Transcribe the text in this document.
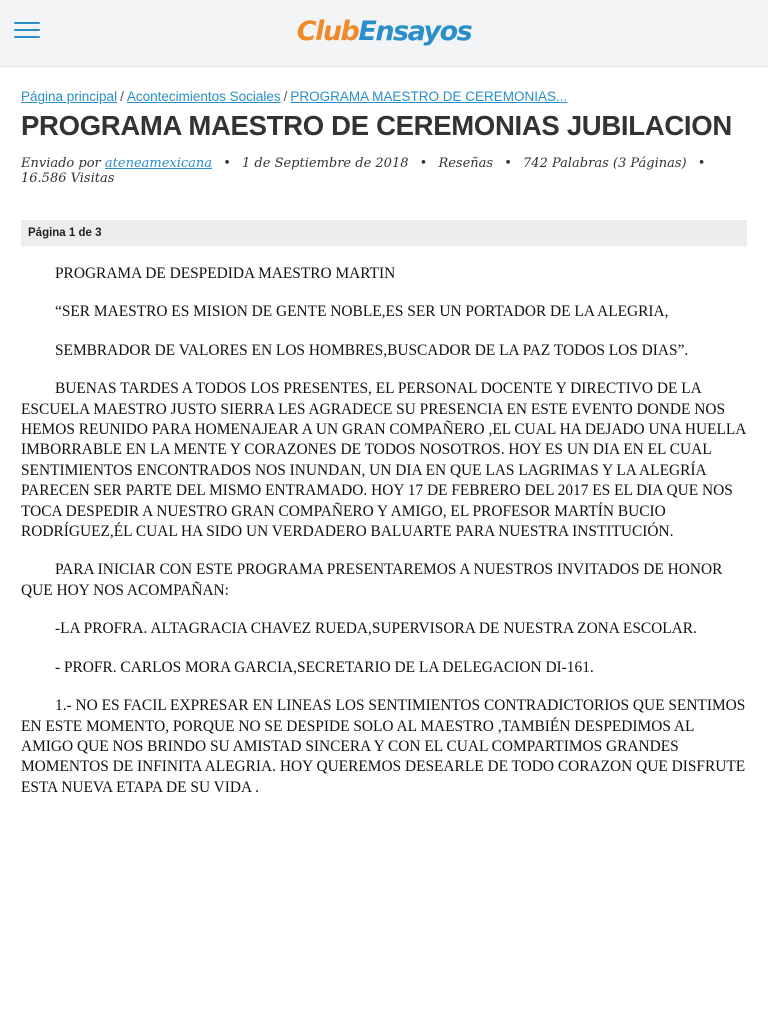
ClubEnsayos
Página principal / Acontecimientos Sociales / PROGRAMA MAESTRO DE CEREMONIAS...
PROGRAMA MAESTRO DE CEREMONIAS JUBILACION
Enviado por ateneamexicana • 1 de Septiembre de 2018 • Reseñas • 742 Palabras (3 Páginas) • 16.586 Visitas
Página 1 de 3

PROGRAMA DE DESPEDIDA MAESTRO MARTIN

“SER MAESTRO ES MISION DE GENTE NOBLE,ES SER UN PORTADOR DE LA ALEGRIA,

SEMBRADOR DE VALORES EN LOS HOMBRES,BUSCADOR DE LA PAZ TODOS LOS DIAS”.

BUENAS TARDES A TODOS LOS PRESENTES, EL PERSONAL DOCENTE Y DIRECTIVO DE LA ESCUELA MAESTRO JUSTO SIERRA LES AGRADECE SU PRESENCIA EN ESTE EVENTO DONDE NOS HEMOS REUNIDO PARA HOMENAJEAR A UN GRAN COMPAÑERO ,EL CUAL HA DEJADO UNA HUELLA IMBORRABLE EN LA MENTE Y CORAZONES DE TODOS NOSOTROS. HOY ES UN DIA EN EL CUAL SENTIMIENTOS ENCONTRADOS NOS INUNDAN, UN DIA EN QUE LAS LAGRIMAS Y LA ALEGRÍA PARECEN SER PARTE DEL MISMO ENTRAMADO. HOY 17 DE FEBRERO DEL 2017 ES EL DIA QUE NOS TOCA DESPEDIR A NUESTRO GRAN COMPAÑERO Y AMIGO, EL PROFESOR MARTÍN BUCIO RODRÍGUEZ,ÉL CUAL HA SIDO UN VERDADERO BALUARTE PARA NUESTRA INSTITUCIÓN.

PARA INICIAR CON ESTE PROGRAMA PRESENTAREMOS A NUESTROS INVITADOS DE HONOR QUE HOY NOS ACOMPAÑAN:

-LA PROFRA. ALTAGRACIA CHAVEZ RUEDA,SUPERVISORA DE NUESTRA ZONA ESCOLAR.

- PROFR. CARLOS MORA GARCIA,SECRETARIO DE LA DELEGACION DI-161.

1.- NO ES FACIL EXPRESAR EN LINEAS LOS SENTIMIENTOS CONTRADICTORIOS QUE SENTIMOS EN ESTE MOMENTO, PORQUE NO SE DESPIDE SOLO AL MAESTRO ,TAMBIÉN DESPEDIMOS AL AMIGO QUE NOS BRINDO SU AMISTAD SINCERA Y CON EL CUAL COMPARTIMOS GRANDES MOMENTOS DE INFINITA ALEGRIA. HOY QUEREMOS DESEARLE DE TODO CORAZON QUE DISFRUTE ESTA NUEVA ETAPA DE SU VIDA .
